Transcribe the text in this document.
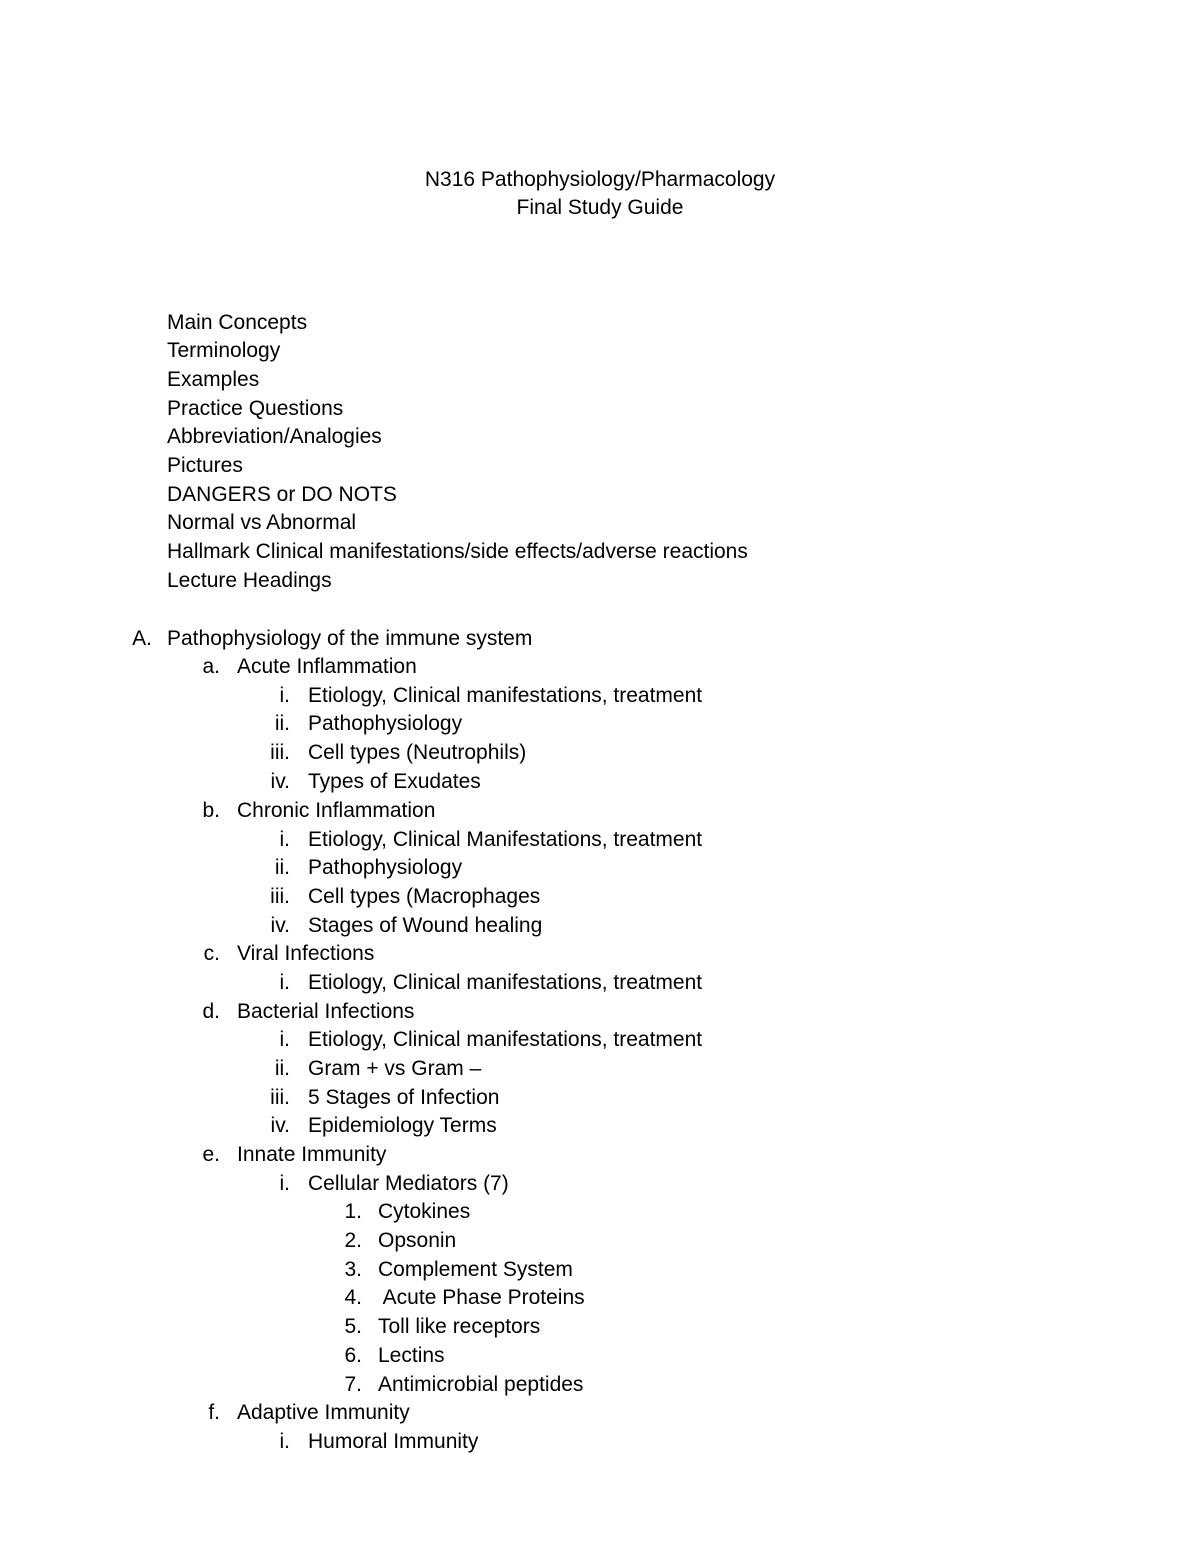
N316 Pathophysiology/Pharmacology
Final Study Guide
Main Concepts
Terminology
Examples
Practice Questions
Abbreviation/Analogies
Pictures
DANGERS or DO NOTS
Normal vs Abnormal
Hallmark Clinical manifestations/side effects/adverse reactions
Lecture Headings
A. Pathophysiology of the immune system
a. Acute Inflammation
i. Etiology, Clinical manifestations, treatment
ii. Pathophysiology
iii. Cell types (Neutrophils)
iv. Types of Exudates
b. Chronic Inflammation
i. Etiology, Clinical Manifestations, treatment
ii. Pathophysiology
iii. Cell types (Macrophages
iv. Stages of Wound healing
c. Viral Infections
i. Etiology, Clinical manifestations, treatment
d. Bacterial Infections
i. Etiology, Clinical manifestations, treatment
ii. Gram + vs Gram –
iii. 5 Stages of Infection
iv. Epidemiology Terms
e. Innate Immunity
i. Cellular Mediators (7)
1. Cytokines
2. Opsonin
3. Complement System
4. Acute Phase Proteins
5. Toll like receptors
6. Lectins
7. Antimicrobial peptides
f. Adaptive Immunity
i. Humoral Immunity
